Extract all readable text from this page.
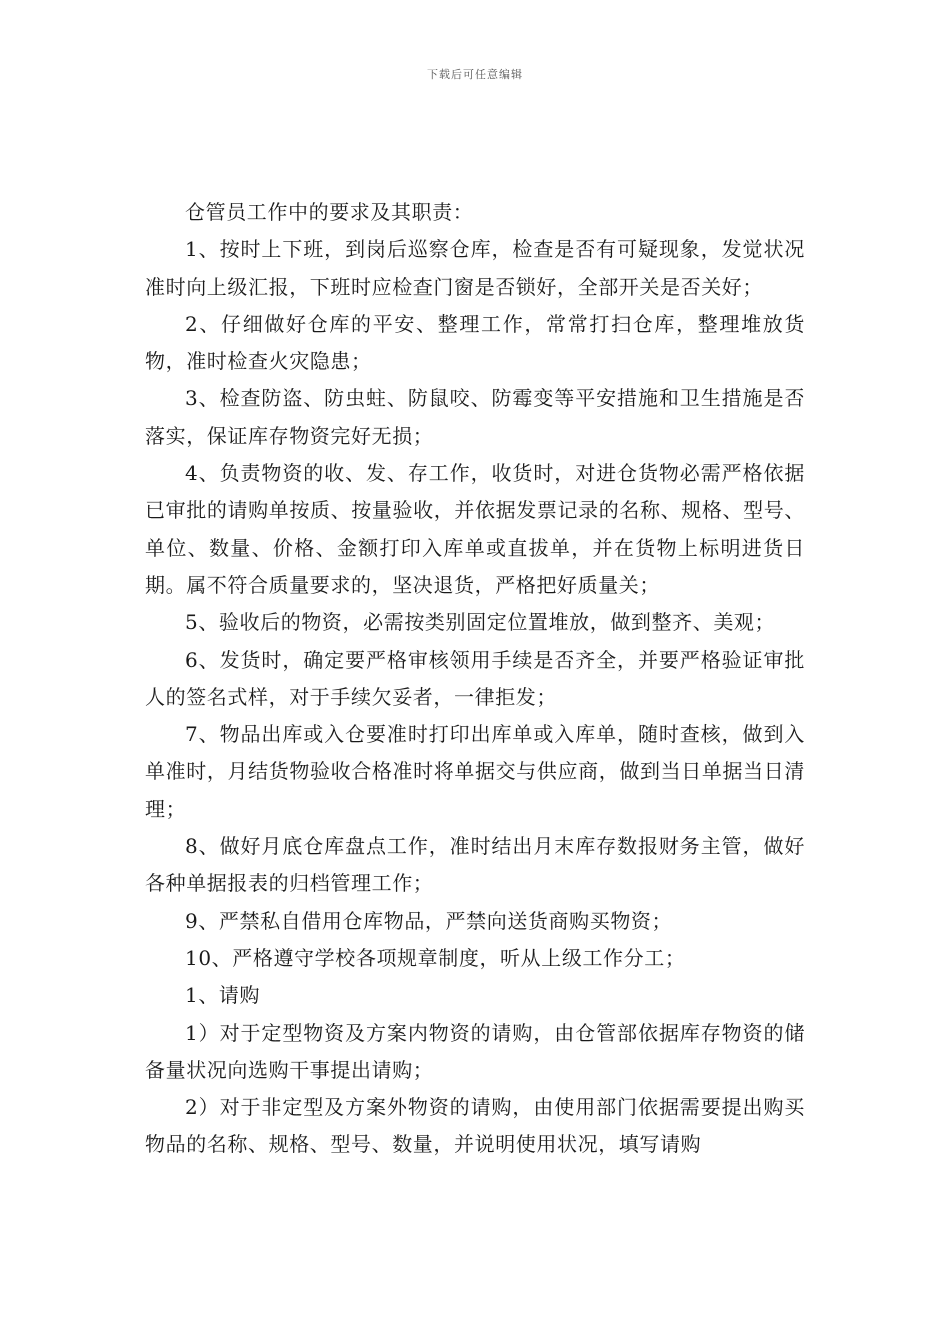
下载后可任意编辑

仓管员工作中的要求及其职责：

1、按时上下班，到岗后巡察仓库，检查是否有可疑现象，发觉状况准时向上级汇报，下班时应检查门窗是否锁好，全部开关是否关好；

2、仔细做好仓库的平安、整理工作，常常打扫仓库，整理堆放货物，准时检查火灾隐患；

3、检查防盗、防虫蛀、防鼠咬、防霉变等平安措施和卫生措施是否落实，保证库存物资完好无损；

4、负责物资的收、发、存工作，收货时，对进仓货物必需严格依据已审批的请购单按质、按量验收，并依据发票记录的名称、规格、型号、单位、数量、价格、金额打印入库单或直拔单，并在货物上标明进货日期。属不符合质量要求的，坚决退货，严格把好质量关；

5、验收后的物资，必需按类别固定位置堆放，做到整齐、美观；

6、发货时，确定要严格审核领用手续是否齐全，并要严格验证审批人的签名式样，对于手续欠妥者，一律拒发；

7、物品出库或入仓要准时打印出库单或入库单，随时查核，做到入单准时，月结货物验收合格准时将单据交与供应商，做到当日单据当日清理；

8、做好月底仓库盘点工作，准时结出月末库存数报财务主管，做好各种单据报表的归档管理工作；

9、严禁私自借用仓库物品，严禁向送货商购买物资；

10、严格遵守学校各项规章制度，听从上级工作分工；

1、请购

1）对于定型物资及方案内物资的请购，由仓管部依据库存物资的储备量状况向选购干事提出请购；

2）对于非定型及方案外物资的请购，由使用部门依据需要提出购买物品的名称、规格、型号、数量，并说明使用状况，填写请购
